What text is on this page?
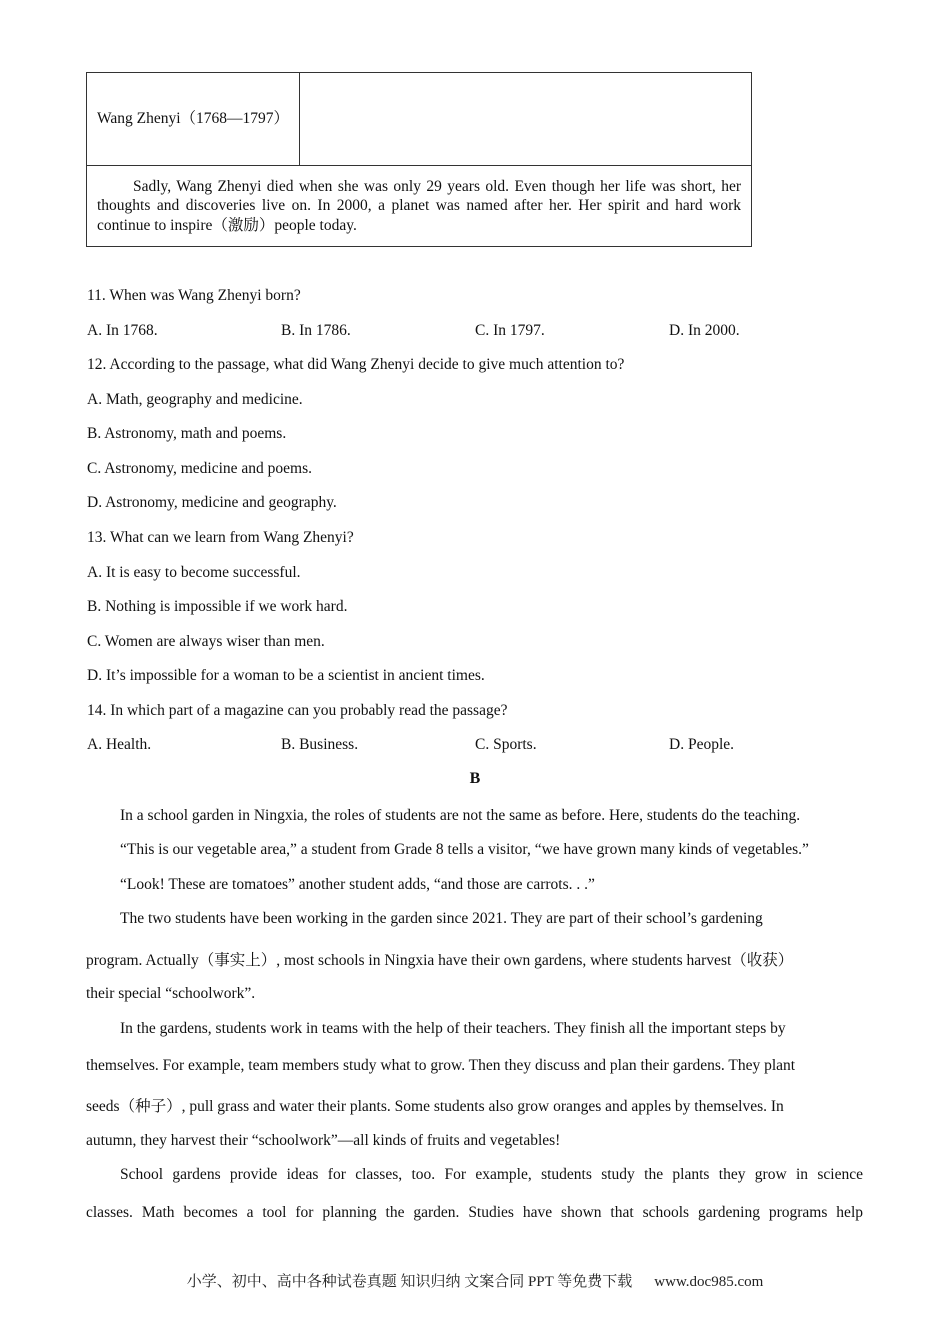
Wang Zhenyi（1768—1797）	
Sadly, Wang Zhenyi died when she was only 29 years old. Even though her life was short, her thoughts and discoveries live on. In 2000, a planet was named after her. Her spirit and hard work continue to inspire（激励）people today.
11. When was Wang Zhenyi born?
A. In 1768.	B. In 1786.	C. In 1797.	D. In 2000.
12. According to the passage, what did Wang Zhenyi decide to give much attention to?
A. Math, geography and medicine.
B. Astronomy, math and poems.
C. Astronomy, medicine and poems.
D. Astronomy, medicine and geography.
13. What can we learn from Wang Zhenyi?
A. It is easy to become successful.
B. Nothing is impossible if we work hard.
C. Women are always wiser than men.
D. It’s impossible for a woman to be a scientist in ancient times.
14. In which part of a magazine can you probably read the passage?
A. Health.	B. Business.	C. Sports.	D. People.
B
In a school garden in Ningxia, the roles of students are not the same as before. Here, students do the teaching.
“This is our vegetable area,” a student from Grade 8 tells a visitor, “we have grown many kinds of vegetables.”
“Look! These are tomatoes” another student adds, “and those are carrots. . .”
The two students have been working in the garden since 2021. They are part of their school’s gardening
program. Actually（事实上）, most schools in Ningxia have their own gardens, where students harvest（收获）
their special “schoolwork”.
In the gardens, students work in teams with the help of their teachers. They finish all the important steps by
themselves. For example, team members study what to grow. Then they discuss and plan their gardens. They plant
seeds（种子）, pull grass and water their plants. Some students also grow oranges and apples by themselves. In
autumn, they harvest their “schoolwork”—all kinds of fruits and vegetables!
School gardens provide ideas for classes, too. For example, students study the plants they grow in science
classes. Math becomes a tool for planning the garden. Studies have shown that schools gardening programs help
小学、初中、高中各种试卷真题 知识归纳 文案合同 PPT 等免费下载 www.doc985.com
